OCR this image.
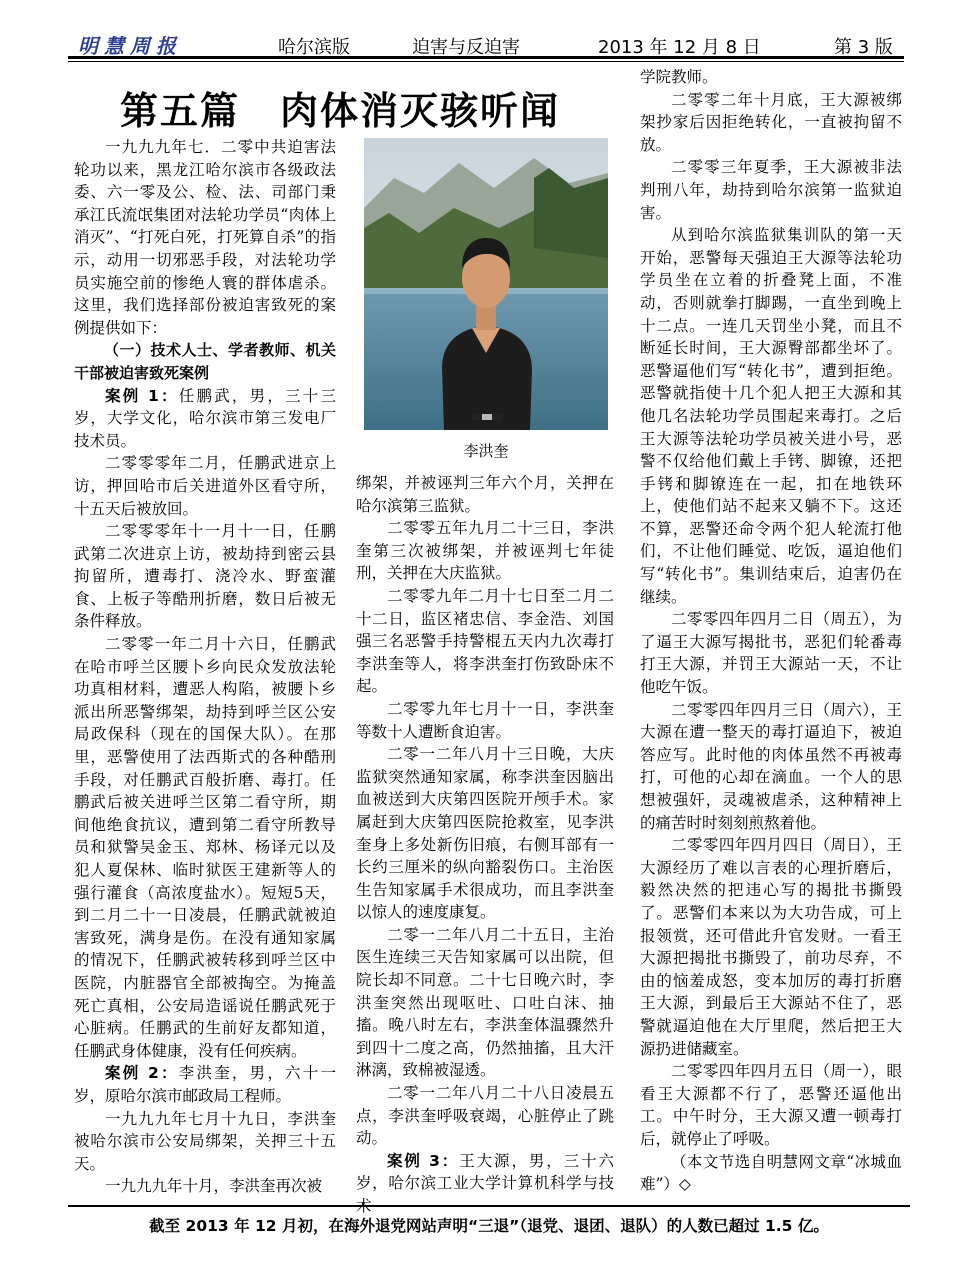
明慧周报	哈尔滨版	迫害与反迫害	2013 年 12 月 8 日	第 3 版
第五篇　肉体消灭骇听闻
李洪奎

一九九九年七．二零中共迫害法轮功以来，黑龙江哈尔滨市各级政法委、六一零及公、检、法、司部门秉承江氏流氓集团对法轮功学员“肉体上消灭”、“打死白死，打死算自杀”的指示，动用一切邪恶手段，对法轮功学员实施空前的惨绝人寰的群体虐杀。这里，我们选择部份被迫害致死的案例提供如下：

（一）技术人士、学者教师、机关干部被迫害致死案例

案例 1：任鹏武，男，三十三岁，大学文化，哈尔滨市第三发电厂技术员。

二零零零年二月，任鹏武进京上访，押回哈市后关进道外区看守所，十五天后被放回。

二零零零年十一月十一日，任鹏武第二次进京上访，被劫持到密云县拘留所，遭毒打、浇冷水、野蛮灌食、上板子等酷刑折磨，数日后被无条件释放。

二零零一年二月十六日，任鹏武在哈市呼兰区腰卜乡向民众发放法轮功真相材料，遭恶人构陷，被腰卜乡派出所恶警绑架，劫持到呼兰区公安局政保科（现在的国保大队）。在那里，恶警使用了法西斯式的各种酷刑手段，对任鹏武百般折磨、毒打。任鹏武后被关进呼兰区第二看守所，期间他绝食抗议，遭到第二看守所教导员和狱警吴金玉、郑林、杨译元以及犯人夏保林、临时狱医王建新等人的强行灌食（高浓度盐水）。短短5天，到二月二十一日凌晨，任鹏武就被迫害致死，满身是伤。在没有通知家属的情况下，任鹏武被转移到呼兰区中医院，内脏器官全部被掏空。为掩盖死亡真相，公安局造谣说任鹏武死于心脏病。任鹏武的生前好友都知道，任鹏武身体健康，没有任何疾病。

案例 2：李洪奎，男，六十一岁，原哈尔滨市邮政局工程师。

一九九九年七月十九日，李洪奎被哈尔滨市公安局绑架，关押三十五天。

一九九九年十月，李洪奎再次被

绑架，并被诬判三年六个月，关押在哈尔滨第三监狱。

二零零五年九月二十三日，李洪奎第三次被绑架，并被诬判七年徒刑，关押在大庆监狱。

二零零九年二月十七日至二月二十二日，监区褚忠信、李金浩、刘国强三名恶警手持警棍五天内九次毒打李洪奎等人，将李洪奎打伤致卧床不起。

二零零九年七月十一日，李洪奎等数十人遭断食迫害。

二零一二年八月十三日晚，大庆监狱突然通知家属，称李洪奎因脑出血被送到大庆第四医院开颅手术。家属赶到大庆第四医院抢救室，见李洪奎身上多处新伤旧痕，右侧耳部有一长约三厘米的纵向豁裂伤口。主治医生告知家属手术很成功，而且李洪奎以惊人的速度康复。

二零一二年八月二十五日，主治医生连续三天告知家属可以出院，但院长却不同意。二十七日晚六时，李洪奎突然出现呕吐、口吐白沫、抽搐。晚八时左右，李洪奎体温骤然升到四十二度之高，仍然抽搐，且大汗淋漓，致棉被湿透。

二零一二年八月二十八日凌晨五点，李洪奎呼吸衰竭，心脏停止了跳动。

案例 3：王大源，男，三十六岁，哈尔滨工业大学计算机科学与技术

学院教师。

二零零二年十月底，王大源被绑架抄家后因拒绝转化，一直被拘留不放。

二零零三年夏季，王大源被非法判刑八年，劫持到哈尔滨第一监狱迫害。

从到哈尔滨监狱集训队的第一天开始，恶警每天强迫王大源等法轮功学员坐在立着的折叠凳上面，不准动，否则就拳打脚踢，一直坐到晚上十二点。一连几天罚坐小凳，而且不断延长时间，王大源臀部都坐坏了。恶警逼他们写“转化书”，遭到拒绝。恶警就指使十几个犯人把王大源和其他几名法轮功学员围起来毒打。之后王大源等法轮功学员被关进小号，恶警不仅给他们戴上手铐、脚镣，还把手铐和脚镣连在一起，扣在地铁环上，使他们站不起来又躺不下。这还不算，恶警还命令两个犯人轮流打他们，不让他们睡觉、吃饭，逼迫他们写“转化书”。集训结束后，迫害仍在继续。

二零零四年四月二日（周五），为了逼王大源写揭批书，恶犯们轮番毒打王大源，并罚王大源站一天，不让他吃午饭。

二零零四年四月三日（周六），王大源在遭一整天的毒打逼迫下，被迫答应写。此时他的肉体虽然不再被毒打，可他的心却在滴血。一个人的思想被强奸，灵魂被虐杀，这种精神上的痛苦时时刻刻煎熬着他。

二零零四年四月四日（周日），王大源经历了难以言表的心理折磨后，毅然决然的把违心写的揭批书撕毁了。恶警们本来以为大功告成，可上报领赏，还可借此升官发财。一看王大源把揭批书撕毁了，前功尽弃，不由的恼羞成怒，变本加厉的毒打折磨王大源，到最后王大源站不住了，恶警就逼迫他在大厅里爬，然后把王大源扔进储藏室。

二零零四年四月五日（周一），眼看王大源都不行了，恶警还逼他出工。中午时分，王大源又遭一顿毒打后，就停止了呼吸。

（本文节选自明慧网文章“冰城血难”）◇

截至 2013 年 12 月初，在海外退党网站声明“三退”（退党、退团、退队）的人数已超过 1.5 亿。
